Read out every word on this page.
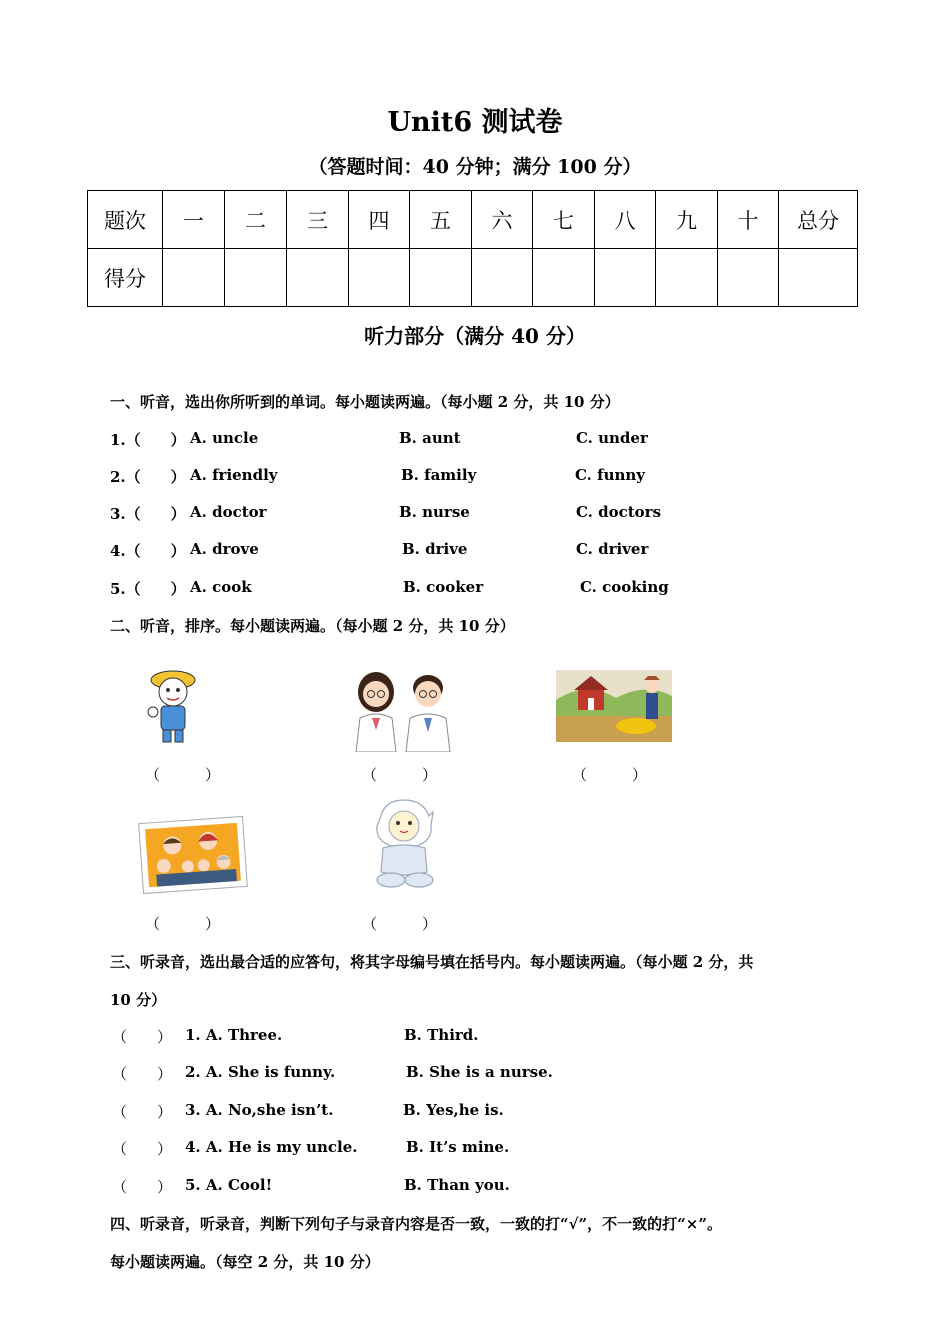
Unit6 测试卷
（答题时间：40 分钟；满分 100 分）
题次	一	二	三	四	五	六	七	八	九	十	总分
得分											
听力部分（满分 40 分）
一、听音，选出你所听到的单词。每小题读两遍。（每小题 2 分，共 10 分）
1.（　　） A. uncle	B. aunt	C. under
2.（　　） A. friendly	B. family	C. funny
3.（　　） A. doctor	B. nurse	C. doctors
4.（　　） A. drove	B. drive	C. driver
5.（　　） A. cook	B. cooker	C. cooking
二、听音，排序。每小题读两遍。（每小题 2 分，共 10 分）
（　　　）	（　　　）	（　　　）
（　　　）	（　　　）
三、听录音，选出最合适的应答句，将其字母编号填在括号内。每小题读两遍。（每小题 2 分，共
10 分）
（　　） 1. A. Three.	B. Third.
（　　） 2. A. She is funny.	B. She is a nurse.
（　　） 3. A. No,she isn’t.	B. Yes,he is.
（　　） 4. A. He is my uncle.	B. It’s mine.
（　　） 5. A. Cool!	B. Than you.
四、听录音，听录音，判断下列句子与录音内容是否一致，一致的打“√”，不一致的打“×”。
每小题读两遍。（每空 2 分，共 10 分）
